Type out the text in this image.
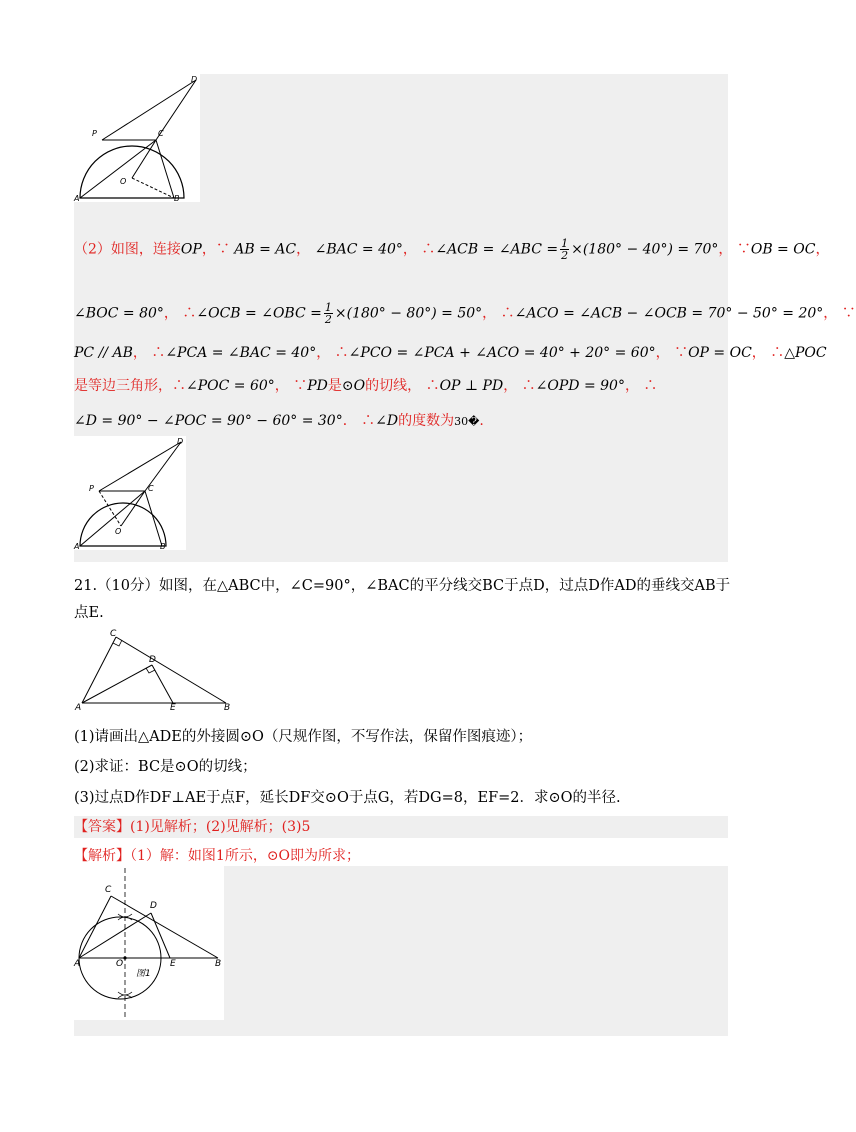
D
P	C
O
A	B
（2）如图，连接OP，∵ AB = AC， ∠BAC = 40°， ∴∠ACB = ∠ABC = $\frac{1}{2} \times(180^\circ - 40^\circ) = 70^\circ$， ∵OB = OC，
∠BOC = 80°， ∴∠OCB = ∠OBC = $\frac{1}{2} \times(180^\circ - 80^\circ) = 50^\circ$， ∴∠ACO = ∠ACB − ∠OCB = 70° − 50° = 20°， ∵
PC // AB， ∴∠PCA = ∠BAC = 40°， ∴∠PCO = ∠PCA + ∠ACO = 40° + 20° = 60°， ∵OP = OC， ∴△POC
是等边三角形，∴∠POC = 60°， ∵PD是⊙O的切线， ∴OP ⊥ PD， ∴∠OPD = 90°， ∴
∠D = 90° − ∠POC = 90° − 60° = 30°． ∴∠D的度数为30�.
D
P	C
O
A	B
21.（10分）如图，在△ABC中，∠C=90°，∠BAC的平分线交BC于点D，过点D作AD的垂线交AB于
点E.
C
D
A	E	B
(1)请画出△ADE的外接圆⊙O（尺规作图，不写作法，保留作图痕迹）；
(2)求证：BC是⊙O的切线；
(3)过点D作DF⊥AE于点F，延长DF交⊙O于点G，若DG=8，EF=2．求⊙O的半径.
【答案】(1)见解析；(2)见解析；(3)5
【解析】（1）解：如图1所示，⊙O即为所求；
C
D
A	O	E	B
图1
